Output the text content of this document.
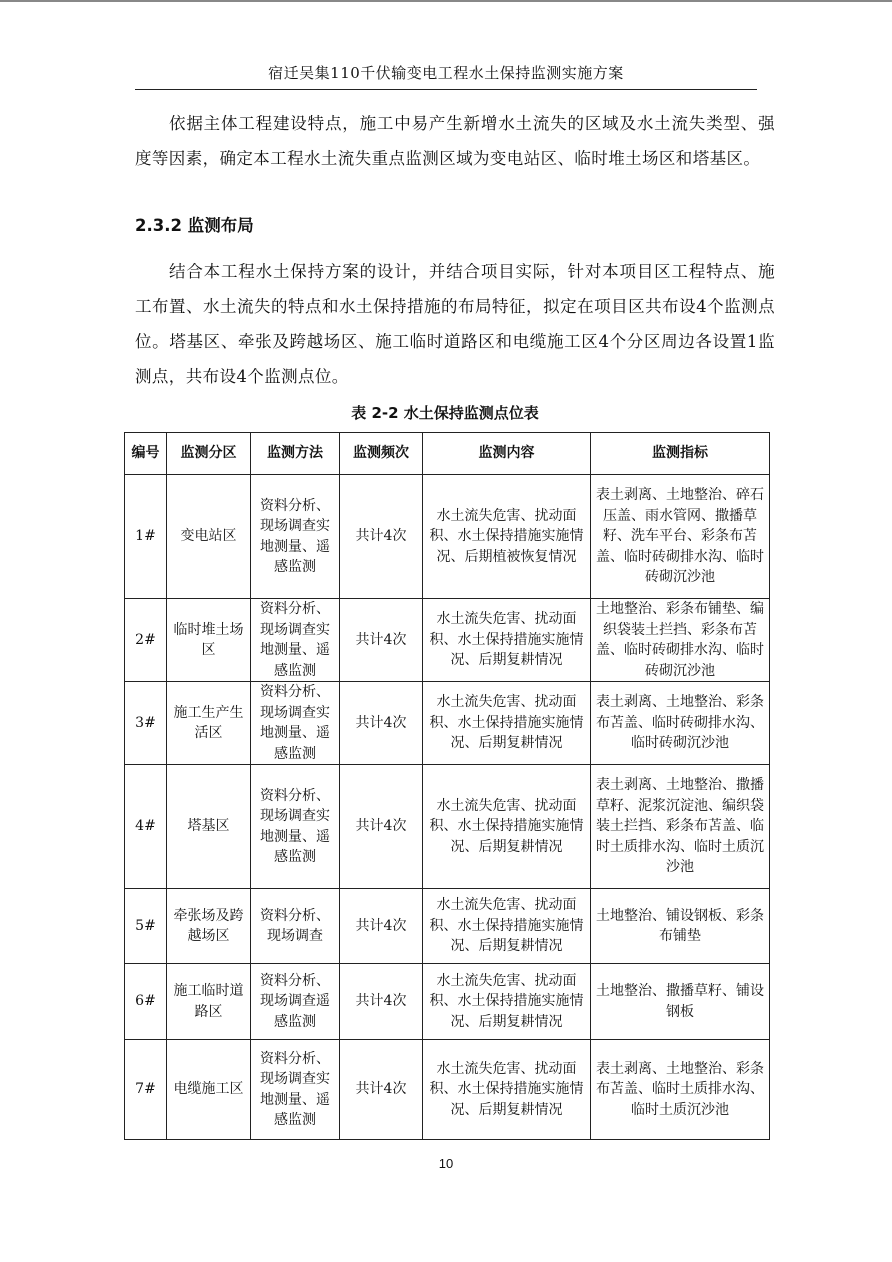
宿迁吴集110千伏输变电工程水土保持监测实施方案
依据主体工程建设特点，施工中易产生新增水土流失的区域及水土流失类型、强度等因素，确定本工程水土流失重点监测区域为变电站区、临时堆土场区和塔基区。
2.3.2 监测布局
结合本工程水土保持方案的设计，并结合项目实际，针对本项目区工程特点、施工布置、水土流失的特点和水土保持措施的布局特征，拟定在项目区共布设4个监测点位。塔基区、牵张及跨越场区、施工临时道路区和电缆施工区4个分区周边各设置1监测点，共布设4个监测点位。
表 2-2 水土保持监测点位表
编号	监测分区	监测方法	监测频次	监测内容	监测指标
1#	变电站区	资料分析、现场调查实地测量、遥感监测	共计4次	水土流失危害、扰动面积、水土保持措施实施情况、后期植被恢复情况	表土剥离、土地整治、碎石压盖、雨水管网、撒播草籽、洗车平台、彩条布苫盖、临时砖砌排水沟、临时砖砌沉沙池
2#	临时堆土场区	资料分析、现场调查实地测量、遥感监测	共计4次	水土流失危害、扰动面积、水土保持措施实施情况、后期复耕情况	土地整治、彩条布铺垫、编织袋装土拦挡、彩条布苫盖、临时砖砌排水沟、临时砖砌沉沙池
3#	施工生产生活区	资料分析、现场调查实地测量、遥感监测	共计4次	水土流失危害、扰动面积、水土保持措施实施情况、后期复耕情况	表土剥离、土地整治、彩条布苫盖、临时砖砌排水沟、临时砖砌沉沙池
4#	塔基区	资料分析、现场调查实地测量、遥感监测	共计4次	水土流失危害、扰动面积、水土保持措施实施情况、后期复耕情况	表土剥离、土地整治、撒播草籽、泥浆沉淀池、编织袋装土拦挡、彩条布苫盖、临时土质排水沟、临时土质沉沙池
5#	牵张场及跨越场区	资料分析、现场调查	共计4次	水土流失危害、扰动面积、水土保持措施实施情况、后期复耕情况	土地整治、铺设钢板、彩条布铺垫
6#	施工临时道路区	资料分析、现场调查遥感监测	共计4次	水土流失危害、扰动面积、水土保持措施实施情况、后期复耕情况	土地整治、撒播草籽、铺设钢板
7#	电缆施工区	资料分析、现场调查实地测量、遥感监测	共计4次	水土流失危害、扰动面积、水土保持措施实施情况、后期复耕情况	表土剥离、土地整治、彩条布苫盖、临时土质排水沟、临时土质沉沙池
10
